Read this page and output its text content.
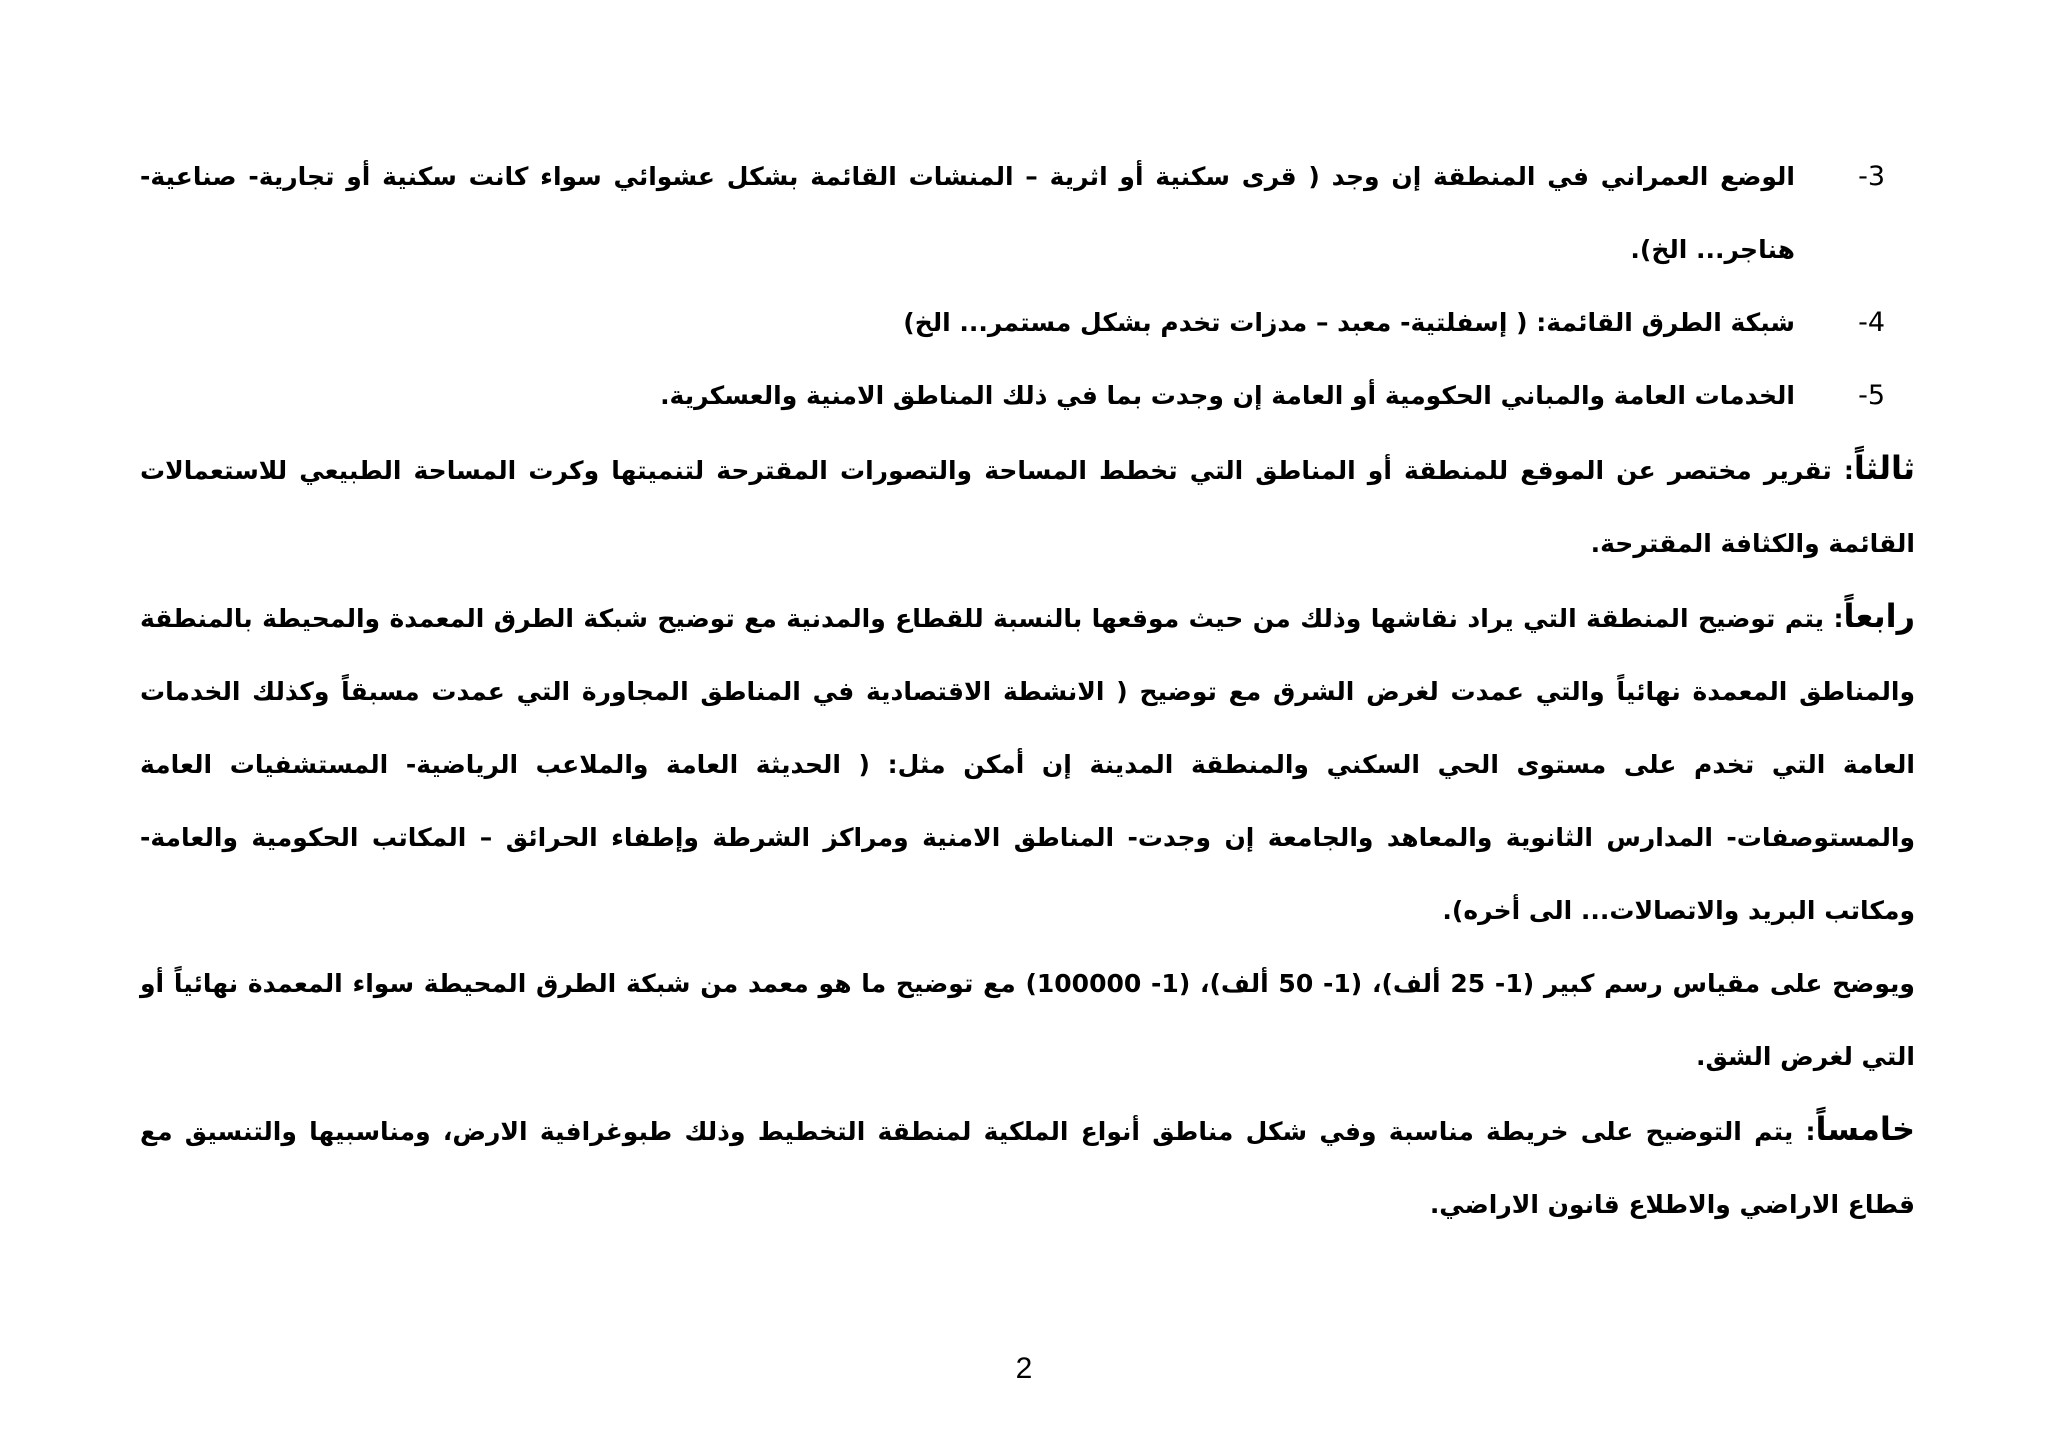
3-
الوضع العمراني في المنطقة إن وجد ( قرى سكنية أو اثرية – المنشات القائمة بشكل عشوائي سواء كانت سكنية أو تجارية- صناعية- هناجر... الخ).
4-
شبكة الطرق القائمة: ( إسفلتية- معبد – مدزات تخدم بشكل مستمر... الخ)
5-
الخدمات العامة والمباني الحكومية أو العامة إن وجدت بما في ذلك المناطق الامنية والعسكرية.

ثالثاً: تقرير مختصر عن الموقع للمنطقة أو المناطق التي تخطط المساحة والتصورات المقترحة لتنميتها وكرت المساحة الطبيعي للاستعمالات القائمة والكثافة المقترحة.

رابعاً: يتم توضيح المنطقة التي يراد نقاشها وذلك من حيث موقعها بالنسبة للقطاع والمدنية مع توضيح شبكة الطرق المعمدة والمحيطة بالمنطقة والمناطق المعمدة نهائياً والتي عمدت لغرض الشرق مع توضيح ( الانشطة الاقتصادية في المناطق المجاورة التي عمدت مسبقاً وكذلك الخدمات العامة التي تخدم على مستوى الحي السكني والمنطقة المدينة إن أمكن مثل: ( الحديثة العامة والملاعب الرياضية- المستشفيات العامة والمستوصفات- المدارس الثانوية والمعاهد والجامعة إن وجدت- المناطق الامنية ومراكز الشرطة وإطفاء الحرائق – المكاتب الحكومية والعامة- ومكاتب البريد والاتصالات... الى أخره).

ويوضح على مقياس رسم كبير (1- 25 ألف)، (1- 50 ألف)، (1- 100000) مع توضيح ما هو معمد من شبكة الطرق المحيطة سواء المعمدة نهائياً أو التي لغرض الشق.

خامساً: يتم التوضيح على خريطة مناسبة وفي شكل مناطق أنواع الملكية لمنطقة التخطيط وذلك طبوغرافية الارض، ومناسبيها والتنسيق مع قطاع الاراضي والاطلاع قانون الاراضي.

2
